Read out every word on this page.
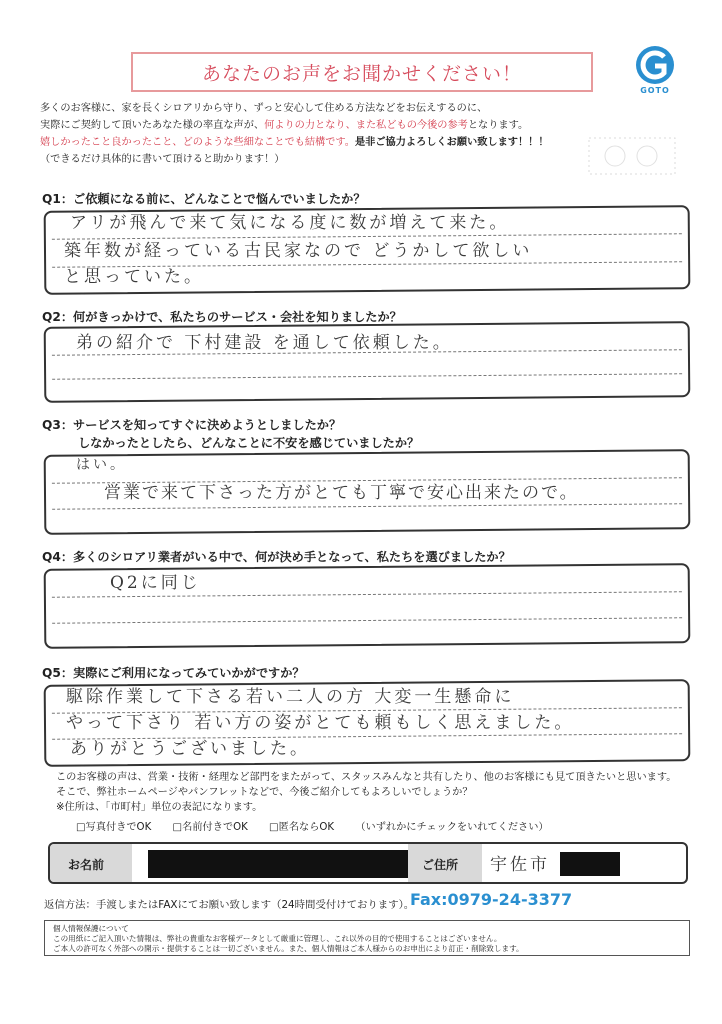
あなたのお声をお聞かせください！
GOTO
多くのお客様に、家を長くシロアリから守り、ずっと安心して住める方法などをお伝えするのに、
実際にご契約して頂いたあなた様の率直な声が、何よりの力となり、また私どもの今後の参考となります。
嬉しかったこと良かったこと、どのような些細なことでも結構です。是非ご協力よろしくお願い致します！！！
（できるだけ具体的に書いて頂けると助かります！）
Q1：ご依頼になる前に、どんなことで悩んでいましたか？
アリが飛んで来て気になる度に数が増えて来た。
築年数が経っている古民家なので どうかして欲しい
と思っていた。
Q2：何がきっかけで、私たちのサービス・会社を知りましたか？
弟の紹介で 下村建設 を通して依頼した。
Q3：サービスを知ってすぐに決めようとしましたか？
しなかったとしたら、どんなことに不安を感じていましたか？
はい。
営業で来て下さった方がとても丁寧で安心出来たので。
Q4：多くのシロアリ業者がいる中で、何が決め手となって、私たちを選びましたか？
Q2に同じ
Q5：実際にご利用になってみていかがですか？
駆除作業して下さる若い二人の方 大変一生懸命に
やって下さり 若い方の姿がとても頼もしく思えました。
ありがとうございました。
このお客様の声は、営業・技術・経理など部門をまたがって、スタッスみんなと共有したり、他のお客様にも見て頂きたいと思います。
そこで、弊社ホームページやパンフレットなどで、今後ご紹介してもよろしいでしょうか？
※住所は、「市町村」単位の表記になります。
□写真付きでOK □名前付きでOK □匿名ならOK （いずれかにチェックをいれてください）
お名前	ご住所 宇佐市
返信方法：手渡しまたはFAXにてお願い致します（24時間受付けております）。
Fax:0979-24-3377
個人情報保護について
この用紙にご記入頂いた情報は、弊社の貴重なお客様データとして厳重に管理し、これ以外の目的で使用することはございません。
ご本人の許可なく外部への開示・提供することは一切ございません。また、個人情報はご本人様からのお申出により訂正・削除致します。
